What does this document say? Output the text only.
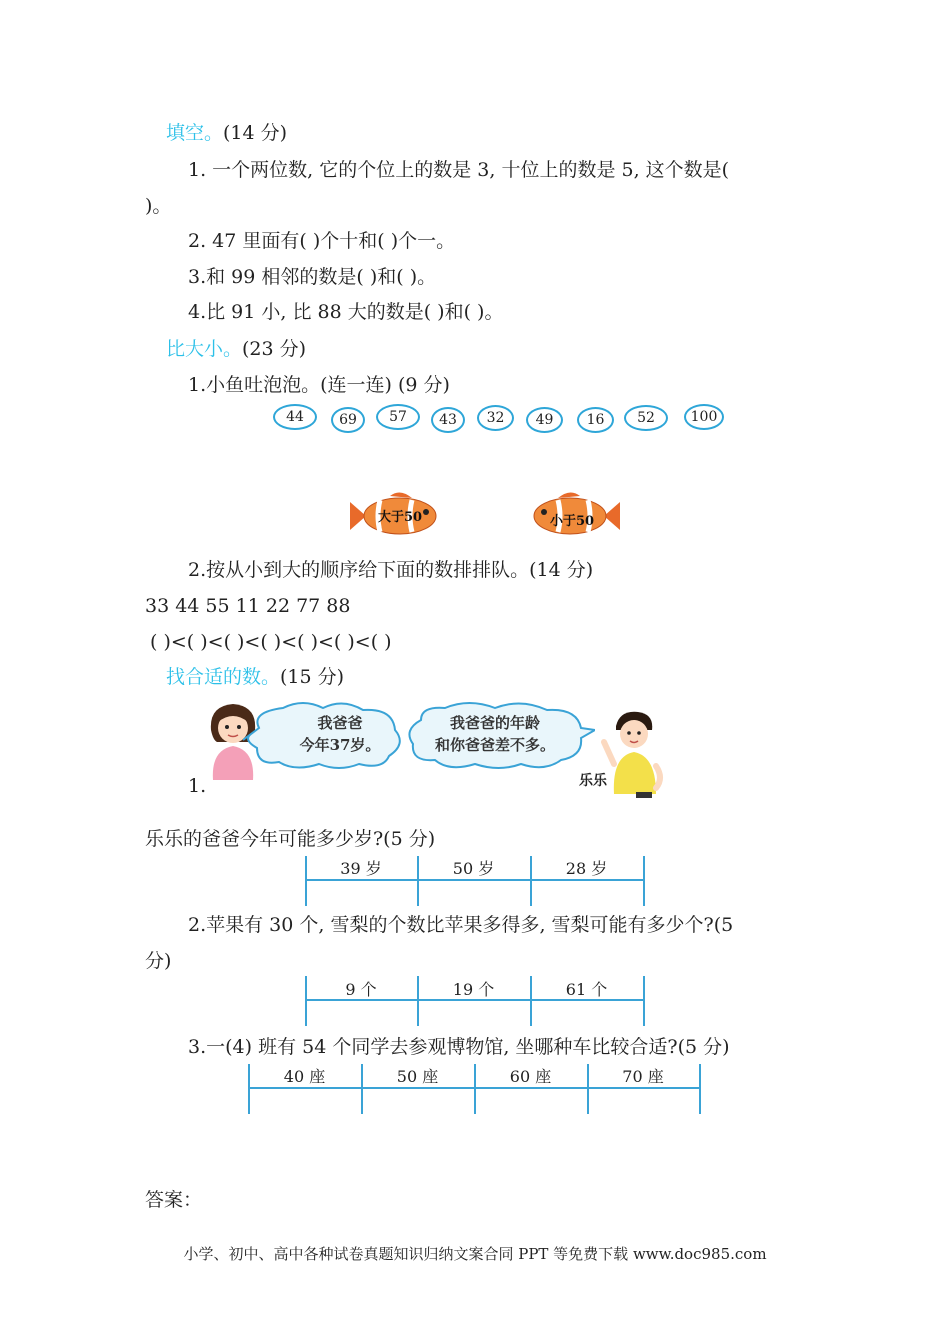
填空。(14 分)
1. 一个两位数, 它的个位上的数是 3, 十位上的数是 5, 这个数是(
)。
2. 47 里面有( )个十和( )个一。
3.和 99 相邻的数是( )和( )。
4.比 91 小, 比 88 大的数是( )和( )。
比大小。(23 分)
1.小鱼吐泡泡。(连一连) (9 分)
44	69	57	43	32	49	16	52	100
大于50	小于50
2.按从小到大的顺序给下面的数排排队。(14 分)
33 44 55 11 22 77 88
( )<( )<( )<( )<( )<( )<( )
找合适的数。(15 分)
我爸爸
今年37岁。
我爸爸的年龄
和你爸爸差不多。
乐乐
1.
乐乐的爸爸今年可能多少岁?(5 分)
39 岁	50 岁	28 岁
2.苹果有 30 个, 雪梨的个数比苹果多得多, 雪梨可能有多少个?(5
分)
9 个	19 个	61 个
3.一(4) 班有 54 个同学去参观博物馆, 坐哪种车比较合适?(5 分)
40 座	50 座	60 座	70 座
答案：
小学、初中、高中各种试卷真题知识归纳文案合同 PPT 等免费下载 www.doc985.com
